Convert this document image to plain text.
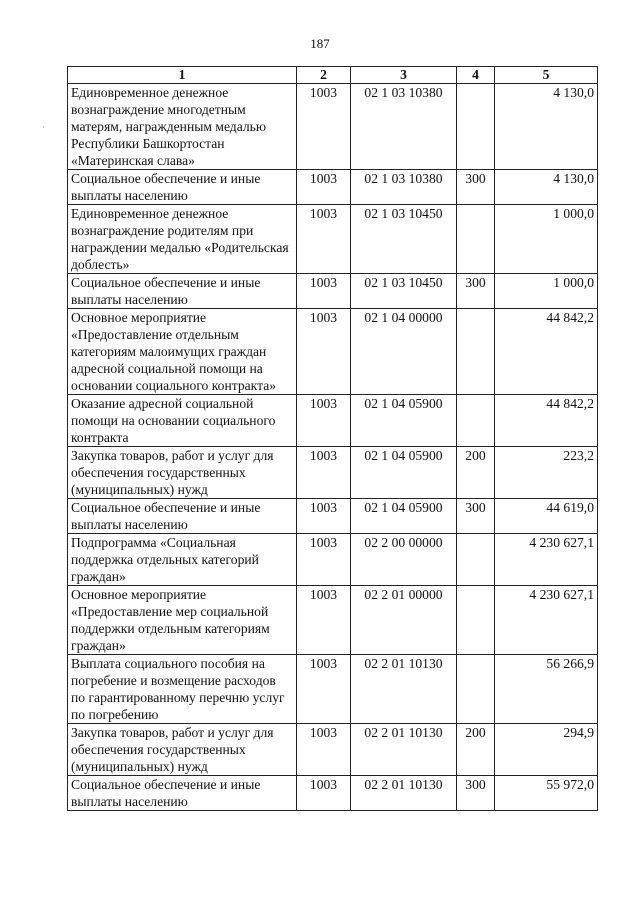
187
·
1	2	3	4	5
Единовременное денежное вознаграждение многодетным матерям, награжденным медалью Республики Башкортостан «Материнская слава»	1003	02 1 03 10380		4 130,0
Социальное обеспечение и иные выплаты населению	1003	02 1 03 10380	300	4 130,0
Единовременное денежное вознаграждение родителям при награждении медалью «Родительская доблесть»	1003	02 1 03 10450		1 000,0
Социальное обеспечение и иные выплаты населению	1003	02 1 03 10450	300	1 000,0
Основное мероприятие «Предоставление отдельным категориям малоимущих граждан адресной социальной помощи на основании социального контракта»	1003	02 1 04 00000		44 842,2
Оказание адресной социальной помощи на основании социального контракта	1003	02 1 04 05900		44 842,2
Закупка товаров, работ и услуг для обеспечения государственных (муниципальных) нужд	1003	02 1 04 05900	200	223,2
Социальное обеспечение и иные выплаты населению	1003	02 1 04 05900	300	44 619,0
Подпрограмма «Социальная поддержка отдельных категорий граждан»	1003	02 2 00 00000		4 230 627,1
Основное мероприятие «Предоставление мер социальной поддержки отдельным категориям граждан»	1003	02 2 01 00000		4 230 627,1
Выплата социального пособия на погребение и возмещение расходов по гарантированному перечню услуг по погребению	1003	02 2 01 10130		56 266,9
Закупка товаров, работ и услуг для обеспечения государственных (муниципальных) нужд	1003	02 2 01 10130	200	294,9
Социальное обеспечение и иные выплаты населению	1003	02 2 01 10130	300	55 972,0
